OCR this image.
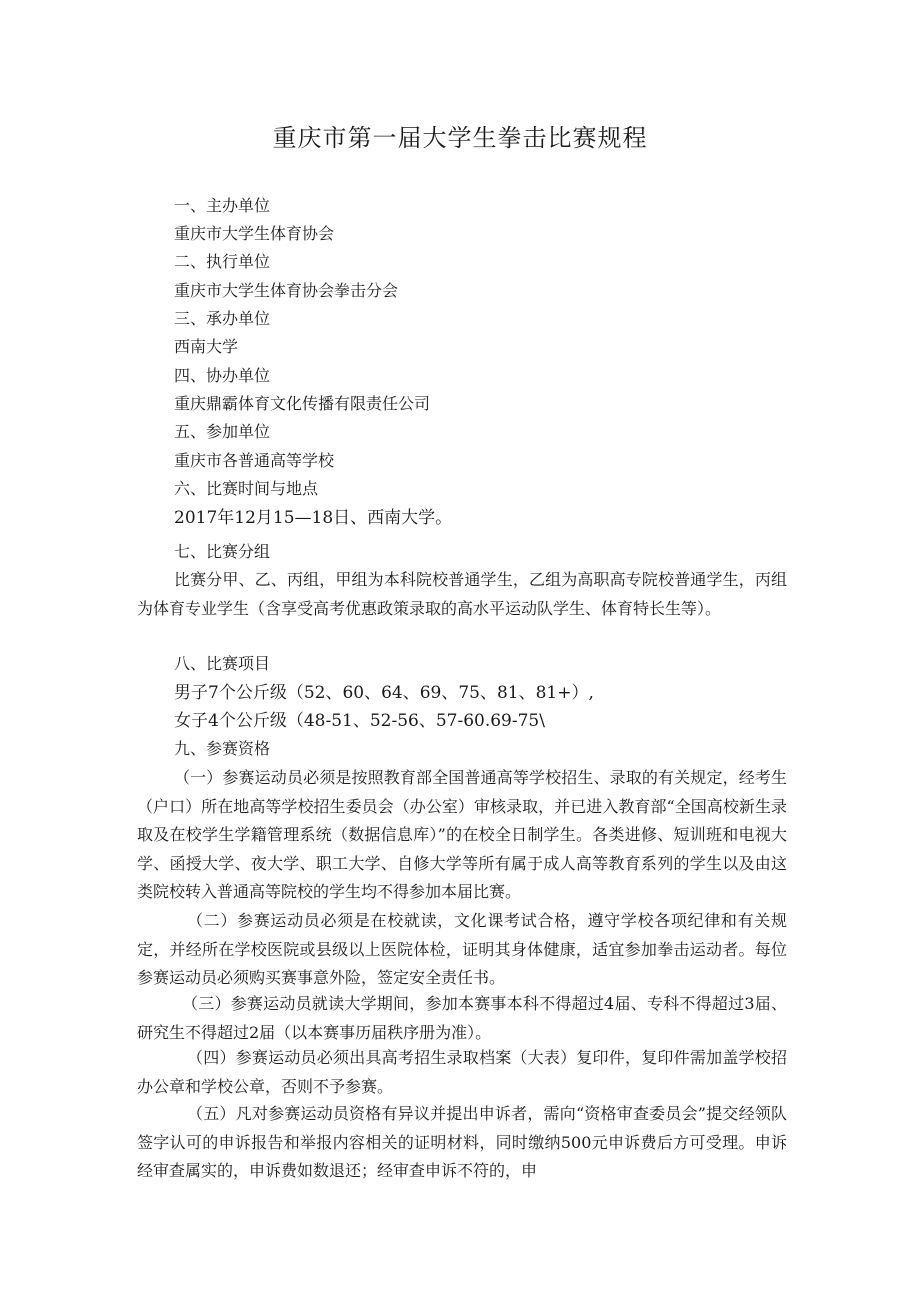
重庆市第一届大学生拳击比赛规程
一、主办单位
重庆市大学生体育协会
二、执行单位
重庆市大学生体育协会拳击分会
三、承办单位
西南大学
四、协办单位
重庆鼎霸体育文化传播有限责任公司
五、参加单位
重庆市各普通高等学校
六、比赛时间与地点
2017年12月15—18日、西南大学。
七、比赛分组
比赛分甲、乙、丙组，甲组为本科院校普通学生，乙组为高职高专院校普通学生，丙组为体育专业学生（含享受高考优惠政策录取的高水平运动队学生、体育特长生等）。
八、比赛项目
男子7个公斤级（52、60、64、69、75、81、81+）,
女子4个公斤级（48-51、52-56、57-60.69-75\
九、参赛资格
（一）参赛运动员必须是按照教育部全国普通高等学校招生、录取的有关规定，经考生（户口）所在地高等学校招生委员会（办公室）审核录取，并已进入教育部“全国高校新生录取及在校学生学籍管理系统（数据信息库）”的在校全日制学生。各类进修、短训班和电视大学、函授大学、夜大学、职工大学、自修大学等所有属于成人高等教育系列的学生以及由这类院校转入普通高等院校的学生均不得参加本届比赛。
（二）参赛运动员必须是在校就读，文化课考试合格，遵守学校各项纪律和有关规定，并经所在学校医院或县级以上医院体检，证明其身体健康，适宜参加拳击运动者。每位参赛运动员必须购买赛事意外险，签定安全责任书。
（三）参赛运动员就读大学期间，参加本赛事本科不得超过4届、专科不得超过3届、研究生不得超过2届（以本赛事历届秩序册为准）。
（四）参赛运动员必须出具高考招生录取档案（大表）复印件，复印件需加盖学校招办公章和学校公章，否则不予参赛。
（五）凡对参赛运动员资格有异议并提出申诉者，需向“资格审查委员会”提交经领队签字认可的申诉报告和举报内容相关的证明材料，同时缴纳500元申诉费后方可受理。申诉经审查属实的，申诉费如数退还；经审查申诉不符的，申
